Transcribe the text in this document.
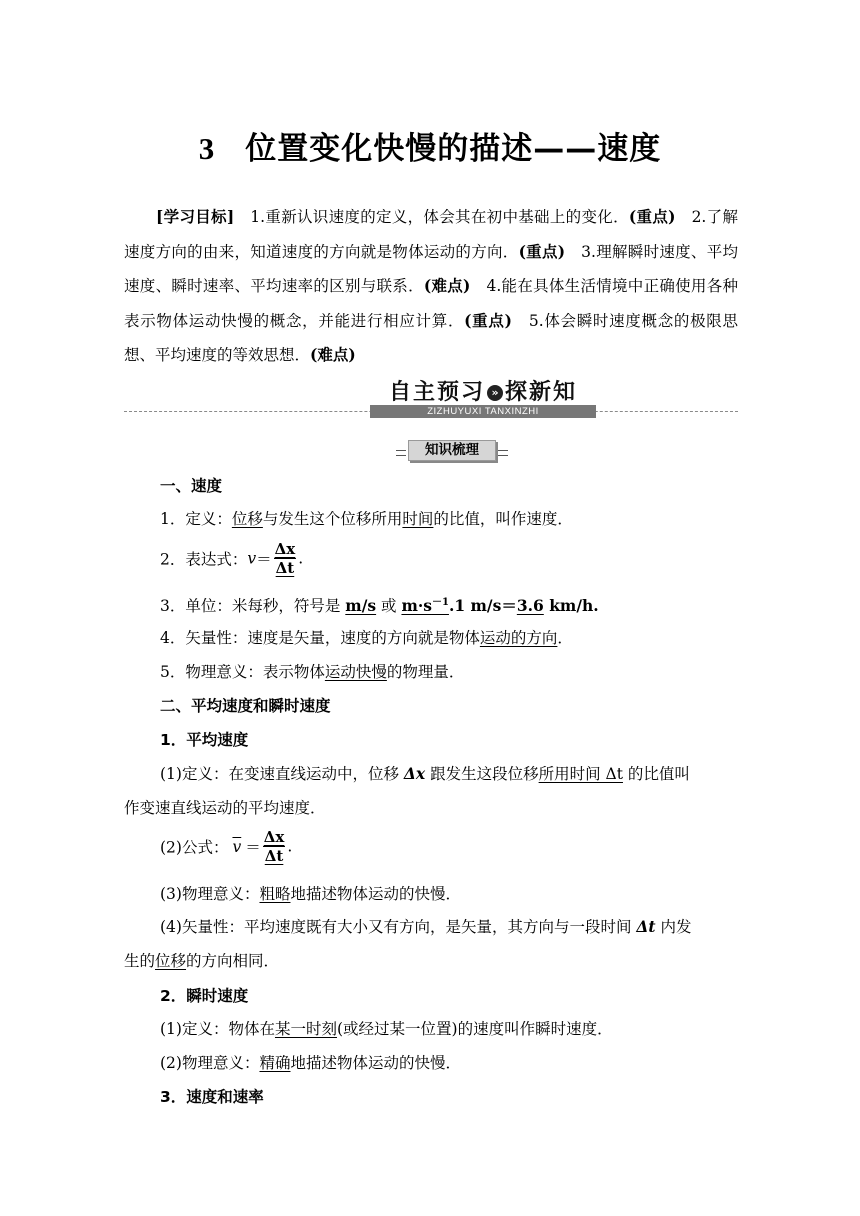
3 位置变化快慢的描述——速度
[学习目标]　 1.重新认识速度的定义，体会其在初中基础上的变化．(重点)　 2.了解速度方向的由来，知道速度的方向就是物体运动的方向．(重点)　 3.理解瞬时速度、平均速度、瞬时速率、平均速率的区别与联系．(难点)　 4.能在具体生活情境中正确使用各种表示物体运动快慢的概念，并能进行相应计算．(重点)　 5.体会瞬时速度概念的极限思想、平均速度的等效思想．(难点)
自主预习 » 探新知
ZIZHUYUXI TANXINZHI
知识梳理
一、速度
1．定义：位移与发生这个位移所用时间的比值，叫作速度．
2．表达式：$v= \frac{\Delta x}{\Delta t}$ .
3．单位：米每秒，符号是 m/s 或 $m\cdot s^{-1}.1$ m/s＝3.6 km/h.
4．矢量性：速度是矢量，速度的方向就是物体运动的方向．
5．物理意义：表示物体运动快慢的物理量．
二、平均速度和瞬时速度
1．平均速度
(1)定义：在变速直线运动中，位移 Δx 跟发生这段位移所用时间 Δt 的比值叫
作变速直线运动的平均速度．
(2)公式： $\overline{v} = \frac{\Delta x}{\Delta t}$ .
(3)物理意义：粗略地描述物体运动的快慢．
(4)矢量性：平均速度既有大小又有方向，是矢量，其方向与一段时间 Δt 内发
生的位移的方向相同．
2．瞬时速度
(1)定义：物体在某一时刻(或经过某一位置)的速度叫作瞬时速度．
(2)物理意义：精确地描述物体运动的快慢．
3．速度和速率
